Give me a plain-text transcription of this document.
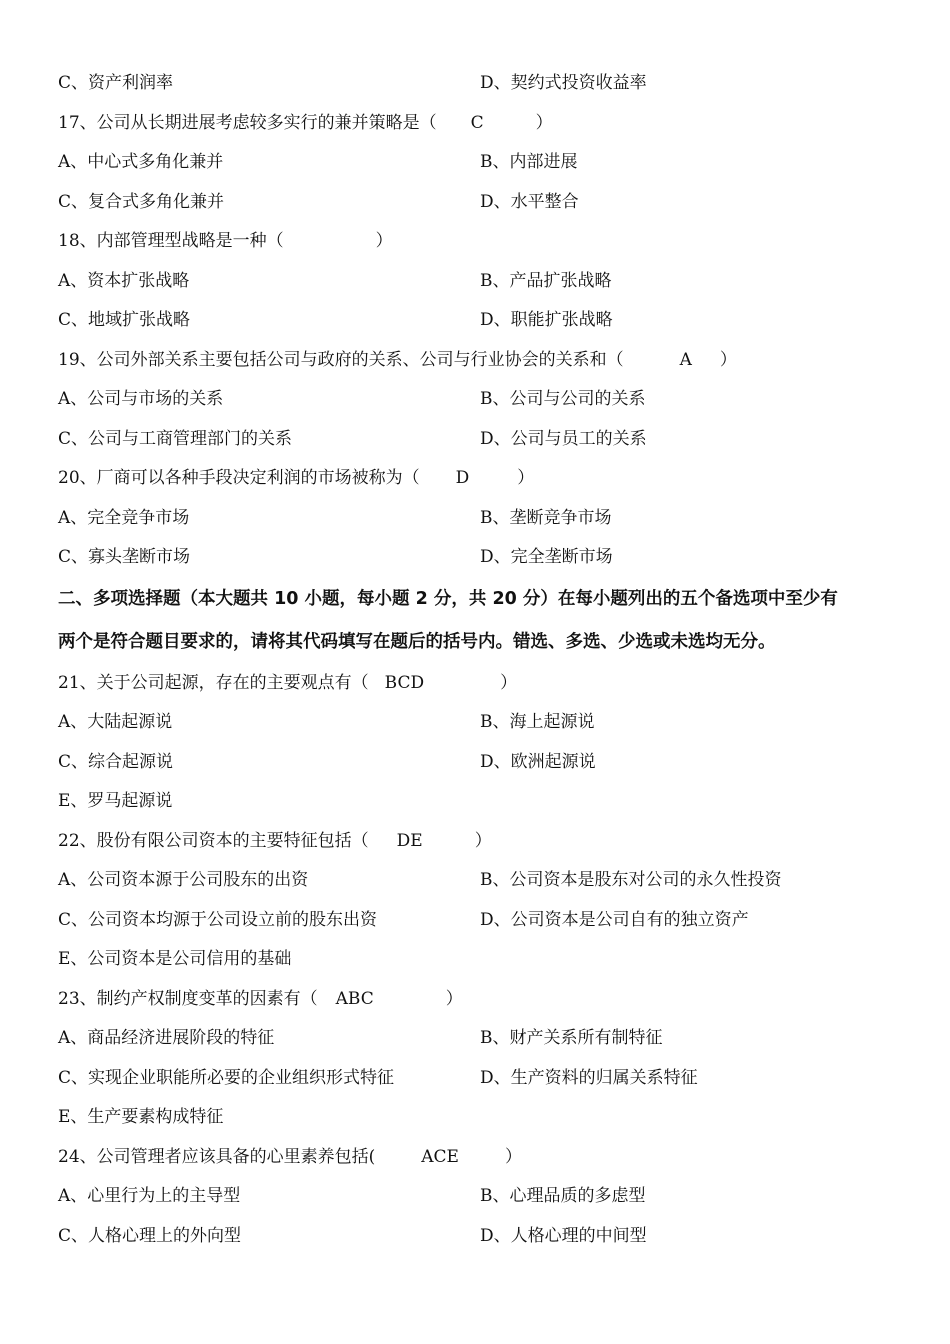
C、资产利润率	D、契约式投资收益率
17、公司从长期进展考虑较多实行的兼并策略是（ C	）
A、中心式多角化兼并	B、内部进展
C、复合式多角化兼并	D、水平整合
18、内部管理型战略是一种（	）
A、资本扩张战略	B、产品扩张战略
C、地域扩张战略	D、职能扩张战略
19、公司外部关系主要包括公司与政府的关系、公司与行业协会的关系和（	A ）
A、公司与市场的关系	B、公司与公司的关系
C、公司与工商管理部门的关系	D、公司与员工的关系
20、厂商可以各种手段决定利润的市场被称为（ D	）
A、完全竞争市场	B、垄断竞争市场
C、寡头垄断市场	D、完全垄断市场
二、多项选择题（本大题共 10 小题，每小题 2 分，共 20 分）在每小题列出的五个备选项中至少有
两个是符合题目要求的，请将其代码填写在题后的括号内。错选、多选、少选或未选均无分。
21、关于公司起源，存在的主要观点有（ BCD	）
A、大陆起源说	B、海上起源说
C、综合起源说	D、欧洲起源说
E、罗马起源说
22、股份有限公司资本的主要特征包括（ DE	）
A、公司资本源于公司股东的出资	B、公司资本是股东对公司的永久性投资
C、公司资本均源于公司设立前的股东出资	D、公司资本是公司自有的独立资产
E、公司资本是公司信用的基础
23、制约产权制度变革的因素有（ ABC	）
A、商品经济进展阶段的特征	B、财产关系所有制特征
C、实现企业职能所必要的企业组织形式特征	D、生产资料的归属关系特征
E、生产要素构成特征
24、公司管理者应该具备的心里素养包括(	ACE	）
A、心里行为上的主导型	B、心理品质的多虑型
C、人格心理上的外向型	D、人格心理的中间型
